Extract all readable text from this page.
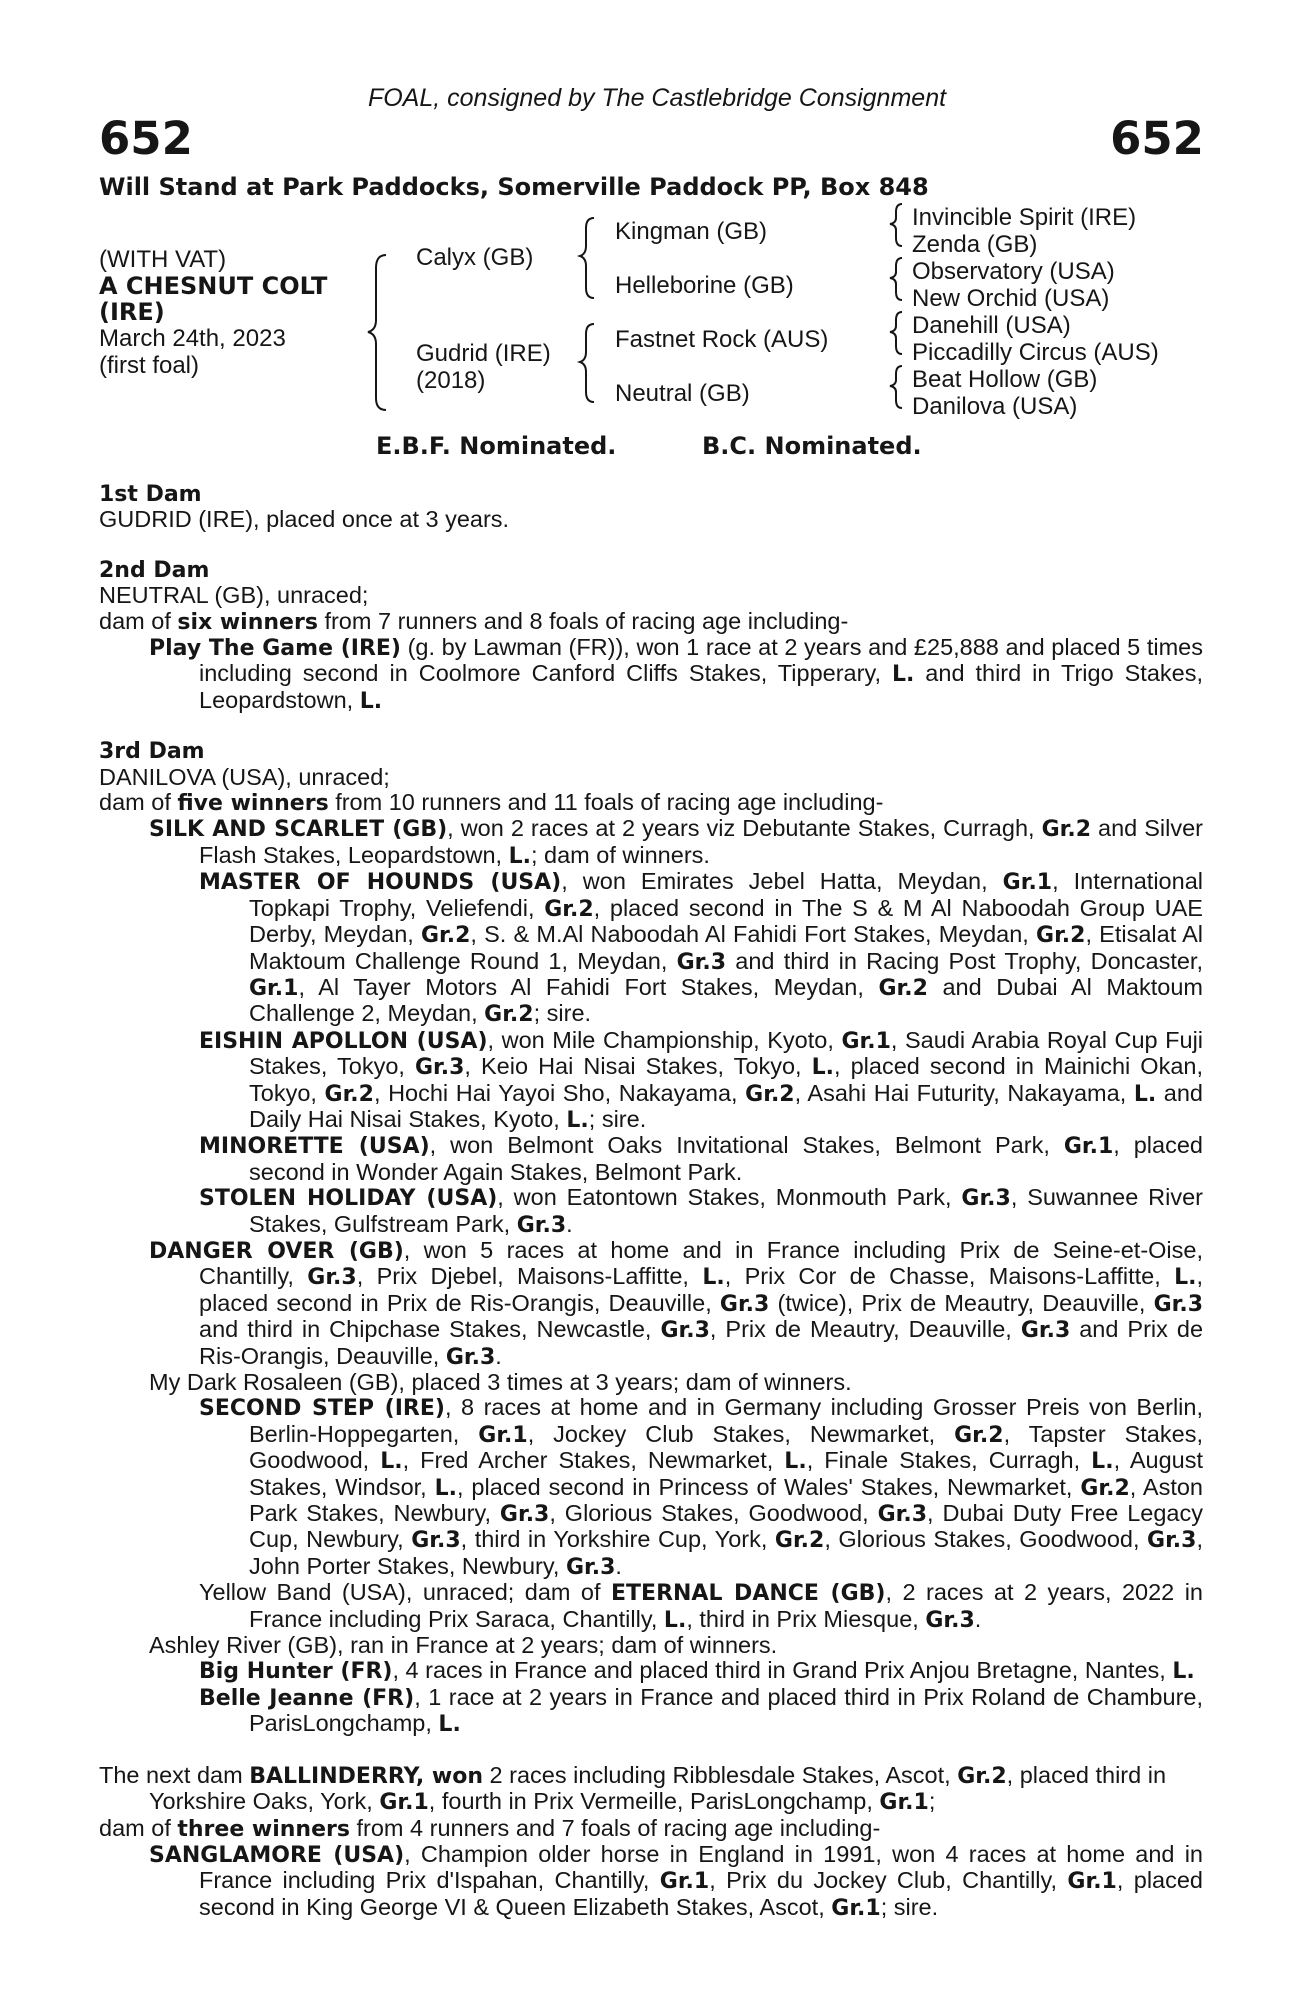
FOAL, consigned by The Castlebridge Consignment
652	652
Will Stand at Park Paddocks, Somerville Paddock PP, Box 848
(WITH VAT)
A CHESNUT COLT
(IRE)
March 24th, 2023
(first foal)
Calyx (GB)
Gudrid (IRE)
(2018)
Kingman (GB)
Helleborine (GB)
Fastnet Rock (AUS)
Neutral (GB)
Invincible Spirit (IRE)
Zenda (GB)
Observatory (USA)
New Orchid (USA)
Danehill (USA)
Piccadilly Circus (AUS)
Beat Hollow (GB)
Danilova (USA)
E.B.F. Nominated.	B.C. Nominated.

1st Dam

GUDRID (IRE), placed once at 3 years.

2nd Dam

NEUTRAL (GB), unraced;

dam of six winners from 7 runners and 8 foals of racing age including-

Play The Game (IRE) (g. by Lawman (FR)), won 1 race at 2 years and £25,888 and placed 5 times including second in Coolmore Canford Cliffs Stakes, Tipperary, L. and third in Trigo Stakes, Leopardstown, L.

3rd Dam

DANILOVA (USA), unraced;

dam of five winners from 10 runners and 11 foals of racing age including-

SILK AND SCARLET (GB), won 2 races at 2 years viz Debutante Stakes, Curragh, Gr.2 and Silver Flash Stakes, Leopardstown, L.; dam of winners.

MASTER OF HOUNDS (USA), won Emirates Jebel Hatta, Meydan, Gr.1, International Topkapi Trophy, Veliefendi, Gr.2, placed second in The S & M Al Naboodah Group UAE Derby, Meydan, Gr.2, S. & M.Al Naboodah Al Fahidi Fort Stakes, Meydan, Gr.2, Etisalat Al Maktoum Challenge Round 1, Meydan, Gr.3 and third in Racing Post Trophy, Doncaster, Gr.1, Al Tayer Motors Al Fahidi Fort Stakes, Meydan, Gr.2 and Dubai Al Maktoum Challenge 2, Meydan, Gr.2; sire.

EISHIN APOLLON (USA), won Mile Championship, Kyoto, Gr.1, Saudi Arabia Royal Cup Fuji Stakes, Tokyo, Gr.3, Keio Hai Nisai Stakes, Tokyo, L., placed second in Mainichi Okan, Tokyo, Gr.2, Hochi Hai Yayoi Sho, Nakayama, Gr.2, Asahi Hai Futurity, Nakayama, L. and Daily Hai Nisai Stakes, Kyoto, L.; sire.

MINORETTE (USA), won Belmont Oaks Invitational Stakes, Belmont Park, Gr.1, placed second in Wonder Again Stakes, Belmont Park.

STOLEN HOLIDAY (USA), won Eatontown Stakes, Monmouth Park, Gr.3, Suwannee River Stakes, Gulfstream Park, Gr.3.

DANGER OVER (GB), won 5 races at home and in France including Prix de Seine-et-Oise, Chantilly, Gr.3, Prix Djebel, Maisons-Laffitte, L., Prix Cor de Chasse, Maisons-Laffitte, L., placed second in Prix de Ris-Orangis, Deauville, Gr.3 (twice), Prix de Meautry, Deauville, Gr.3 and third in Chipchase Stakes, Newcastle, Gr.3, Prix de Meautry, Deauville, Gr.3 and Prix de Ris-Orangis, Deauville, Gr.3.

My Dark Rosaleen (GB), placed 3 times at 3 years; dam of winners.

SECOND STEP (IRE), 8 races at home and in Germany including Grosser Preis von Berlin, Berlin-Hoppegarten, Gr.1, Jockey Club Stakes, Newmarket, Gr.2, Tapster Stakes, Goodwood, L., Fred Archer Stakes, Newmarket, L., Finale Stakes, Curragh, L., August Stakes, Windsor, L., placed second in Princess of Wales' Stakes, Newmarket, Gr.2, Aston Park Stakes, Newbury, Gr.3, Glorious Stakes, Goodwood, Gr.3, Dubai Duty Free Legacy Cup, Newbury, Gr.3, third in Yorkshire Cup, York, Gr.2, Glorious Stakes, Goodwood, Gr.3, John Porter Stakes, Newbury, Gr.3.

Yellow Band (USA), unraced; dam of ETERNAL DANCE (GB), 2 races at 2 years, 2022 in France including Prix Saraca, Chantilly, L., third in Prix Miesque, Gr.3.

Ashley River (GB), ran in France at 2 years; dam of winners.

Big Hunter (FR), 4 races in France and placed third in Grand Prix Anjou Bretagne, Nantes, L.

Belle Jeanne (FR), 1 race at 2 years in France and placed third in Prix Roland de Chambure, ParisLongchamp, L.

The next dam BALLINDERRY, won 2 races including Ribblesdale Stakes, Ascot, Gr.2, placed third in Yorkshire Oaks, York, Gr.1, fourth in Prix Vermeille, ParisLongchamp, Gr.1;

dam of three winners from 4 runners and 7 foals of racing age including-

SANGLAMORE (USA), Champion older horse in England in 1991, won 4 races at home and in France including Prix d'Ispahan, Chantilly, Gr.1, Prix du Jockey Club, Chantilly, Gr.1, placed second in King George VI & Queen Elizabeth Stakes, Ascot, Gr.1; sire.
